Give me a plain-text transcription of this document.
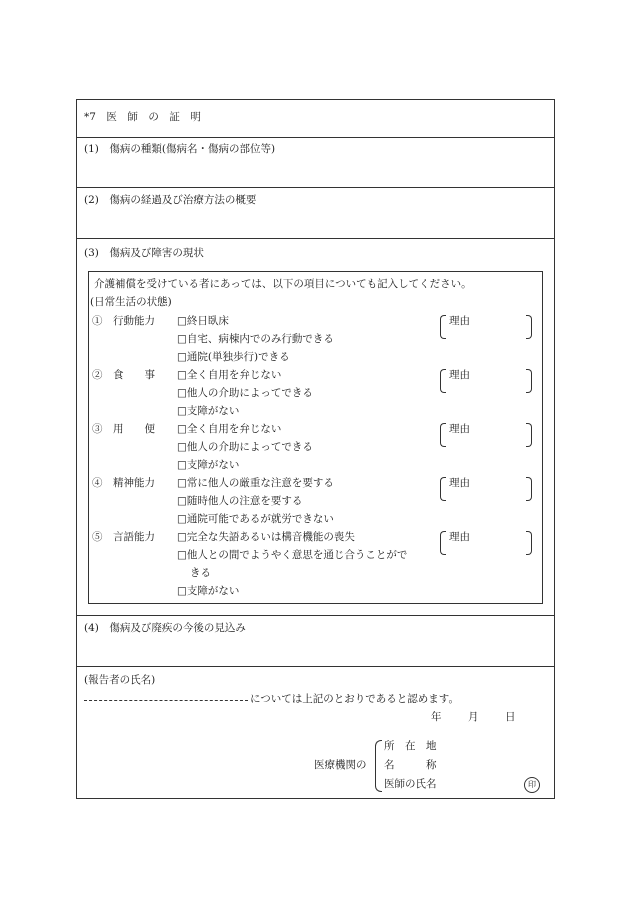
*7　医　師　の　証　明
(1)　傷病の種類(傷病名・傷病の部位等)
(2)　傷病の経過及び治療方法の概要
(3)　傷病及び障害の現状
介護補償を受けている者にあっては、以下の項目についても記入してください。
(日常生活の状態)
①　行動能力 □終日臥床
□自宅、病棟内でのみ行動できる
□通院(単独歩行)できる
理由
②　食　　事 □全く自用を弁じない
□他人の介助によってできる
□支障がない
理由
③　用　　便 □全く自用を弁じない
□他人の介助によってできる
□支障がない
理由
④　精神能力 □常に他人の厳重な注意を要する
□随時他人の注意を要する
□通院可能であるが就労できない
理由
⑤　言語能力 □完全な失語あるいは構音機能の喪失
□他人との間でようやく意思を通じ合うことがで
きる
□支障がない
理由
(4)　傷病及び廃疾の今後の見込み
(報告者の氏名)
については上記のとおりであると認めます。
年	月	日
医療機関の
所　在　地
名　　　称
医師の氏名	印
